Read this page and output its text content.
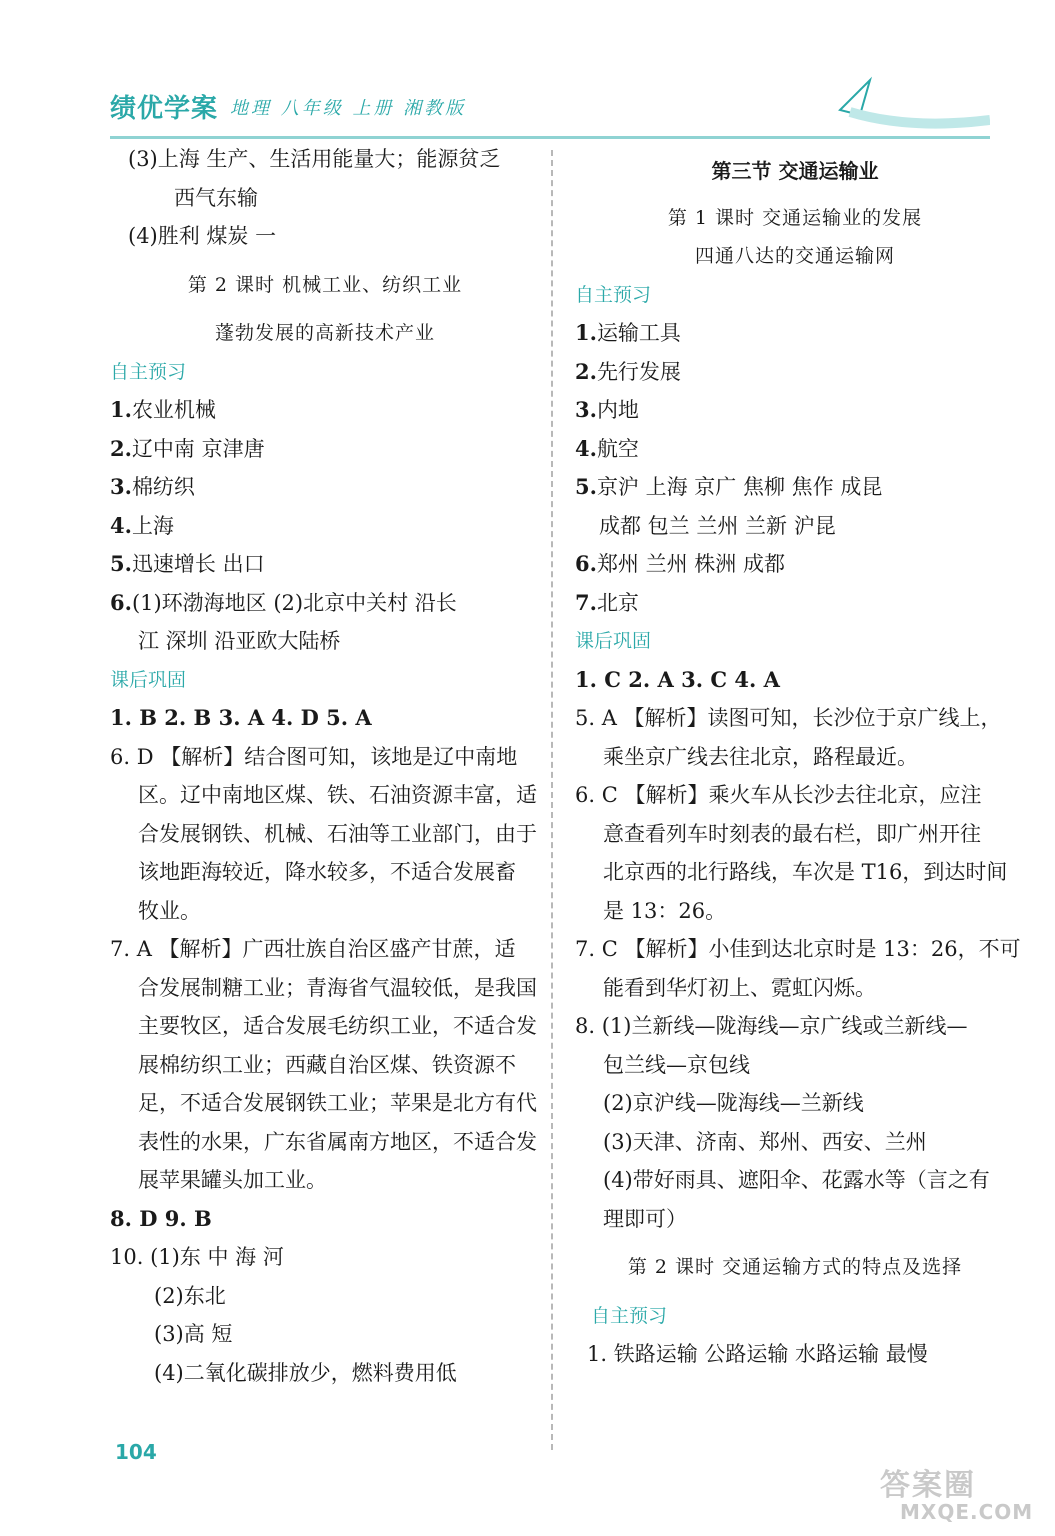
绩优学案 地理 八年级 上册 湘教版
(3)上海 生产、生活用能量大；能源贫乏
西气东输
(4)胜利 煤炭 一
第 2 课时 机械工业、纺织工业
蓬勃发展的高新技术产业
自主预习
1.农业机械
2.辽中南 京津唐
3.棉纺织
4.上海
5.迅速增长 出口
6.(1)环渤海地区 (2)北京中关村 沿长
江 深圳 沿亚欧大陆桥
课后巩固
1. B 2. B 3. A 4. D 5. A
6. D 【解析】结合图可知，该地是辽中南地
区。辽中南地区煤、铁、石油资源丰富，适
合发展钢铁、机械、石油等工业部门，由于
该地距海较近，降水较多，不适合发展畜
牧业。
7. A 【解析】广西壮族自治区盛产甘蔗，适
合发展制糖工业；青海省气温较低，是我国
主要牧区，适合发展毛纺织工业，不适合发
展棉纺织工业；西藏自治区煤、铁资源不
足，不适合发展钢铁工业；苹果是北方有代
表性的水果，广东省属南方地区，不适合发
展苹果罐头加工业。
8. D 9. B
10. (1)东 中 海 河
(2)东北
(3)高 短
(4)二氧化碳排放少，燃料费用低
第三节 交通运输业
第 1 课时 交通运输业的发展
四通八达的交通运输网
自主预习
1.运输工具
2.先行发展
3.内地
4.航空
5.京沪 上海 京广 焦柳 焦作 成昆
成都 包兰 兰州 兰新 沪昆
6.郑州 兰州 株洲 成都
7.北京
课后巩固
1. C 2. A 3. C 4. A
5. A 【解析】读图可知，长沙位于京广线上，
乘坐京广线去往北京，路程最近。
6. C 【解析】乘火车从长沙去往北京，应注
意查看列车时刻表的最右栏，即广州开往
北京西的北行路线，车次是 T16，到达时间
是 13：26。
7. C 【解析】小佳到达北京时是 13：26，不可
能看到华灯初上、霓虹闪烁。
8. (1)兰新线—陇海线—京广线或兰新线—
包兰线—京包线
(2)京沪线—陇海线—兰新线
(3)天津、济南、郑州、西安、兰州
(4)带好雨具、遮阳伞、花露水等（言之有
理即可）
第 2 课时 交通运输方式的特点及选择
自主预习
1. 铁路运输 公路运输 水路运输 最慢
104
答案圈
MXQE.COM
